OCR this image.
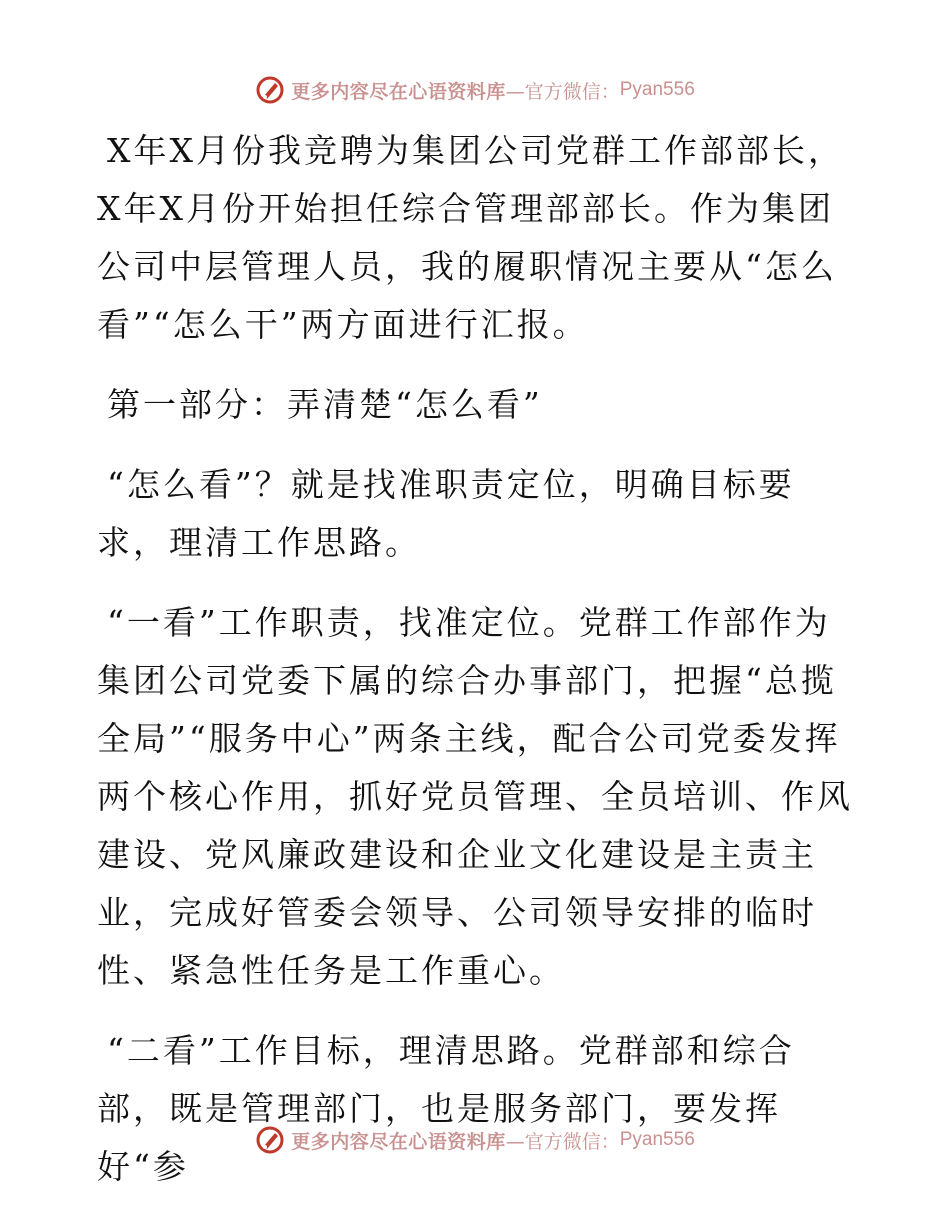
更多内容尽在心语资料库 —官方微信： Pyan556

X年X月份我竞聘为集团公司党群工作部部长，X年X月份开始担任综合管理部部长。作为集团公司中层管理人员，我的履职情况主要从“怎么看”“怎么干”两方面进行汇报。

第一部分：弄清楚“怎么看”

“怎么看”？就是找准职责定位，明确目标要求，理清工作思路。

“一看”工作职责，找准定位。党群工作部作为集团公司党委下属的综合办事部门，把握“总揽全局”“服务中心”两条主线，配合公司党委发挥两个核心作用，抓好党员管理、全员培训、作风建设、党风廉政建设和企业文化建设是主责主业，完成好管委会领导、公司领导安排的临时性、紧急性任务是工作重心。

“二看”工作目标，理清思路。党群部和综合部，既是管理部门，也是服务部门，要发挥好“参

更多内容尽在心语资料库 —官方微信： Pyan556
